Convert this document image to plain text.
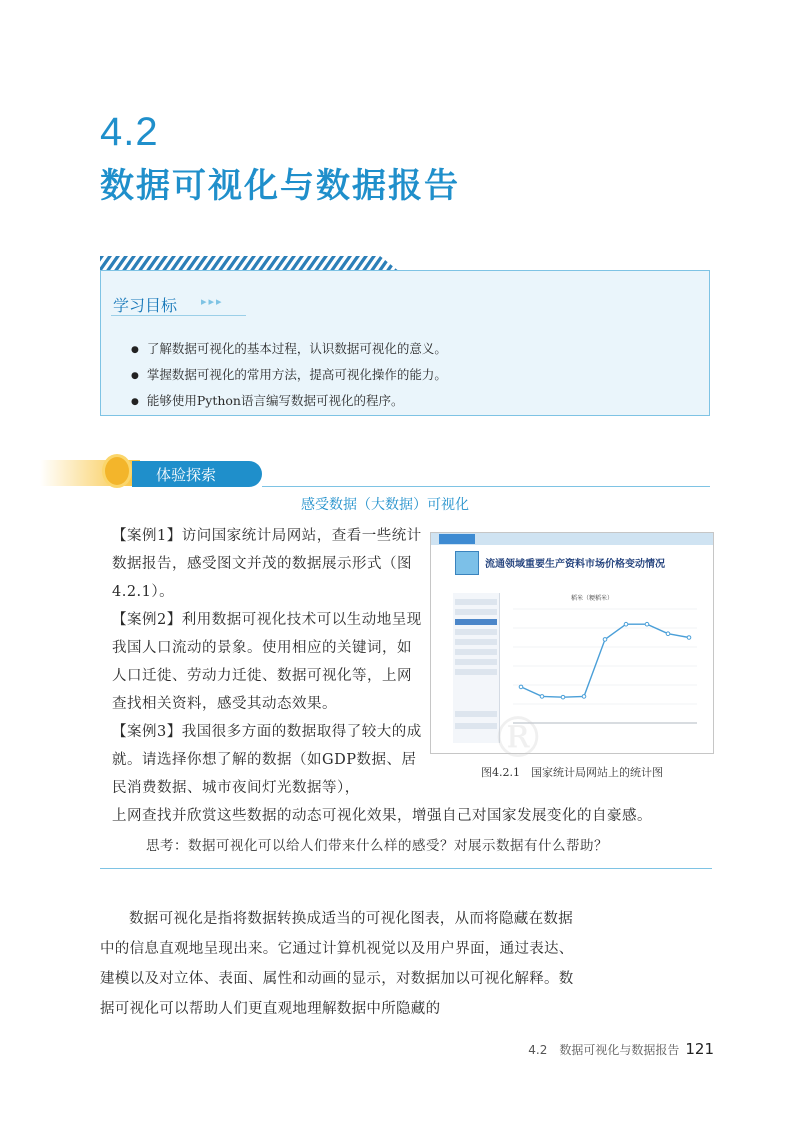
4.2
数据可视化与数据报告
学习目标 ▸▸▸
● 了解数据可视化的基本过程，认识数据可视化的意义。
● 掌握数据可视化的常用方法，提高可视化操作的能力。
● 能够使用Python语言编写数据可视化的程序。
体验探索
感受数据（大数据）可视化
【案例1】访问国家统计局网站，查看一些统计数据报告，感受图文并茂的数据展示形式（图4.2.1）。
【案例2】利用数据可视化技术可以生动地呈现我国人口流动的景象。使用相应的关键词，如人口迁徙、劳动力迁徙、数据可视化等，上网查找相关资料，感受其动态效果。
【案例3】我国很多方面的数据取得了较大的成就。请选择你想了解的数据（如GDP数据、居民消费数据、城市夜间灯光数据等），
上网查找并欣赏这些数据的动态可视化效果，增强自己对国家发展变化的自豪感。
思考：数据可视化可以给人们带来什么样的感受？对展示数据有什么帮助？
流通领域重要生产资料市场价格变动情况
稻米（粳稻米）
图4.2.1　国家统计局网站上的统计图
®
数据可视化是指将数据转换成适当的可视化图表，从而将隐藏在数据中的信息直观地呈现出来。它通过计算机视觉以及用户界面，通过表达、建模以及对立体、表面、属性和动画的显示，对数据加以可视化解释。数据可视化可以帮助人们更直观地理解数据中所隐藏的
4.2　数据可视化与数据报告 121
